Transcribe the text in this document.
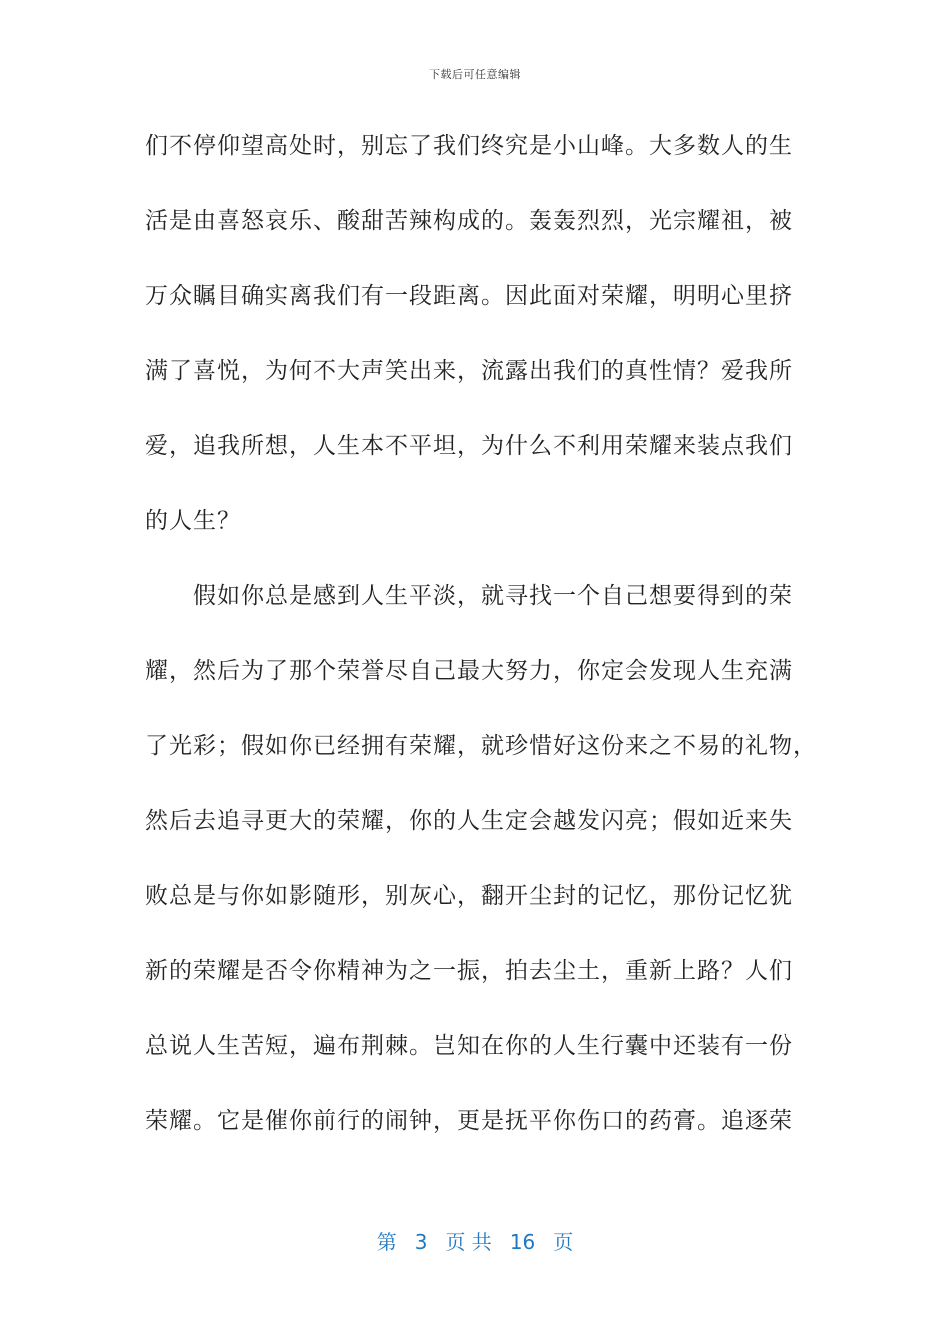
下载后可任意编辑
们不停仰望高处时，别忘了我们终究是小山峰。大多数人的生
活是由喜怒哀乐、酸甜苦辣构成的。轰轰烈烈，光宗耀祖，被
万众瞩目确实离我们有一段距离。因此面对荣耀，明明心里挤
满了喜悦，为何不大声笑出来，流露出我们的真性情？爱我所
爱，追我所想，人生本不平坦，为什么不利用荣耀来装点我们
的人生？
　　假如你总是感到人生平淡，就寻找一个自己想要得到的荣
耀，然后为了那个荣誉尽自己最大努力，你定会发现人生充满
了光彩；假如你已经拥有荣耀，就珍惜好这份来之不易的礼物，
然后去追寻更大的荣耀，你的人生定会越发闪亮；假如近来失
败总是与你如影随形，别灰心，翻开尘封的记忆，那份记忆犹
新的荣耀是否令你精神为之一振，拍去尘土，重新上路？人们
总说人生苦短，遍布荆棘。岂知在你的人生行囊中还装有一份
荣耀。它是催你前行的闹钟，更是抚平你伤口的药膏。追逐荣
第 3 页 共 16 页
